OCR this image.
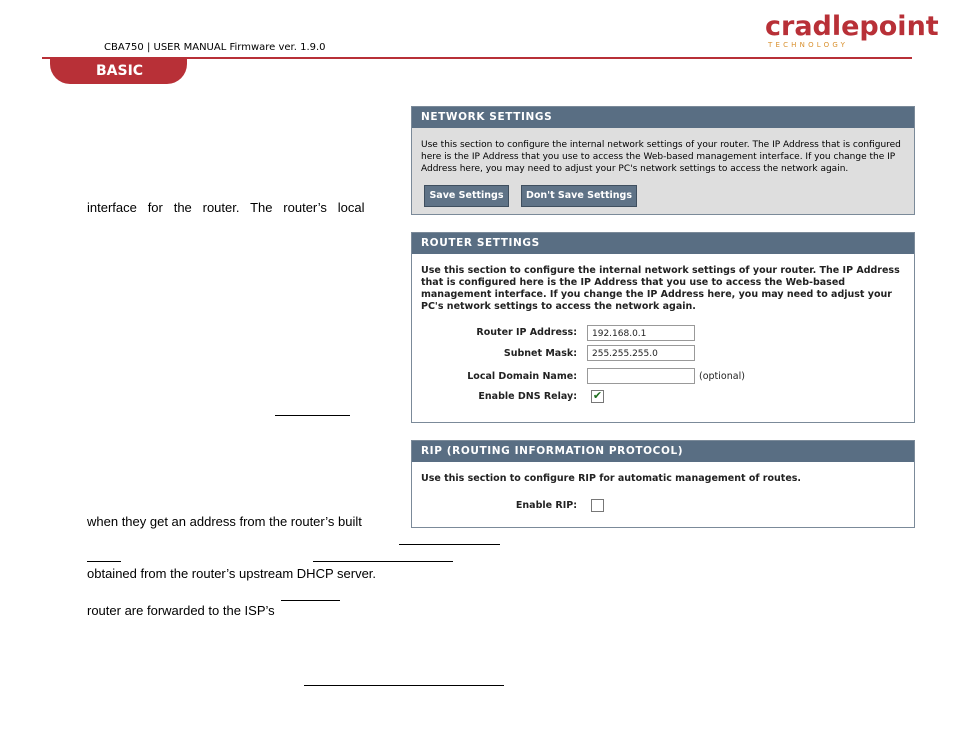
CBA750 | USER MANUAL Firmware ver. 1.9.0
cradlepoint
TECHNOLOGY
BASIC
interface   for   the   router.   The   router’s   local
when they get an address from the router’s built
obtained from the router’s upstream DHCP server.
router are forwarded to the ISP’s
NETWORK SETTINGS
Use this section to configure the internal network settings of your router. The IP Address that is configured here is the IP Address that you use to access the Web-based management interface. If you change the IP Address here, you may need to adjust your PC's network settings to access the network again.
Save Settings	Don't Save Settings
ROUTER SETTINGS
Use this section to configure the internal network settings of your router. The IP Address that is configured here is the IP Address that you use to access the Web-based management interface. If you change the IP Address here, you may need to adjust your PC's network settings to access the network again.
Router IP Address:	192.168.0.1
Subnet Mask:	255.255.255.0
Local Domain Name:	(optional)
Enable DNS Relay: ✔
RIP (ROUTING INFORMATION PROTOCOL)
Use this section to configure RIP for automatic management of routes.
Enable RIP:
